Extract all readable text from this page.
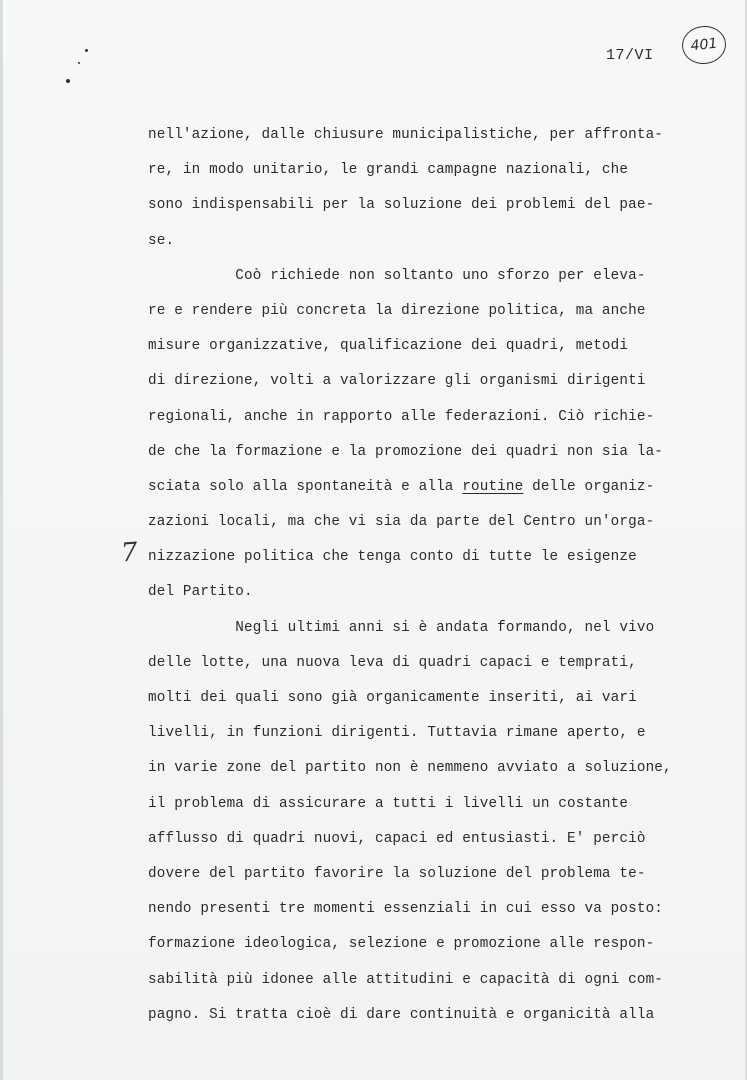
17/VI
401
7
nell'azione, dalle chiusure municipalistiche, per affronta-
re, in modo unitario, le grandi campagne nazionali, che
sono indispensabili per la soluzione dei problemi del pae-
se.
Coò richiede non soltanto uno sforzo per eleva-
re e rendere più concreta la direzione politica, ma anche
misure organizzative, qualificazione dei quadri, metodi
di direzione, volti a valorizzare gli organismi dirigenti
regionali, anche in rapporto alle federazioni. Ciò richie-
de che la formazione e la promozione dei quadri non sia la-
sciata solo alla spontaneità e alla routine delle organiz-
zazioni locali, ma che vi sia da parte del Centro un'orga-
nizzazione politica che tenga conto di tutte le esigenze
del Partito.
Negli ultimi anni si è andata formando, nel vivo
delle lotte, una nuova leva di quadri capaci e temprati,
molti dei quali sono già organicamente inseriti, ai vari
livelli, in funzioni dirigenti. Tuttavia rimane aperto, e
in varie zone del partito non è nemmeno avviato a soluzione,
il problema di assicurare a tutti i livelli un costante
afflusso di quadri nuovi, capaci ed entusiasti. E' perciò
dovere del partito favorire la soluzione del problema te-
nendo presenti tre momenti essenziali in cui esso va posto:
formazione ideologica, selezione e promozione alle respon-
sabilità più idonee alle attitudini e capacità di ogni com-
pagno. Si tratta cioè di dare continuità e organicità alla
